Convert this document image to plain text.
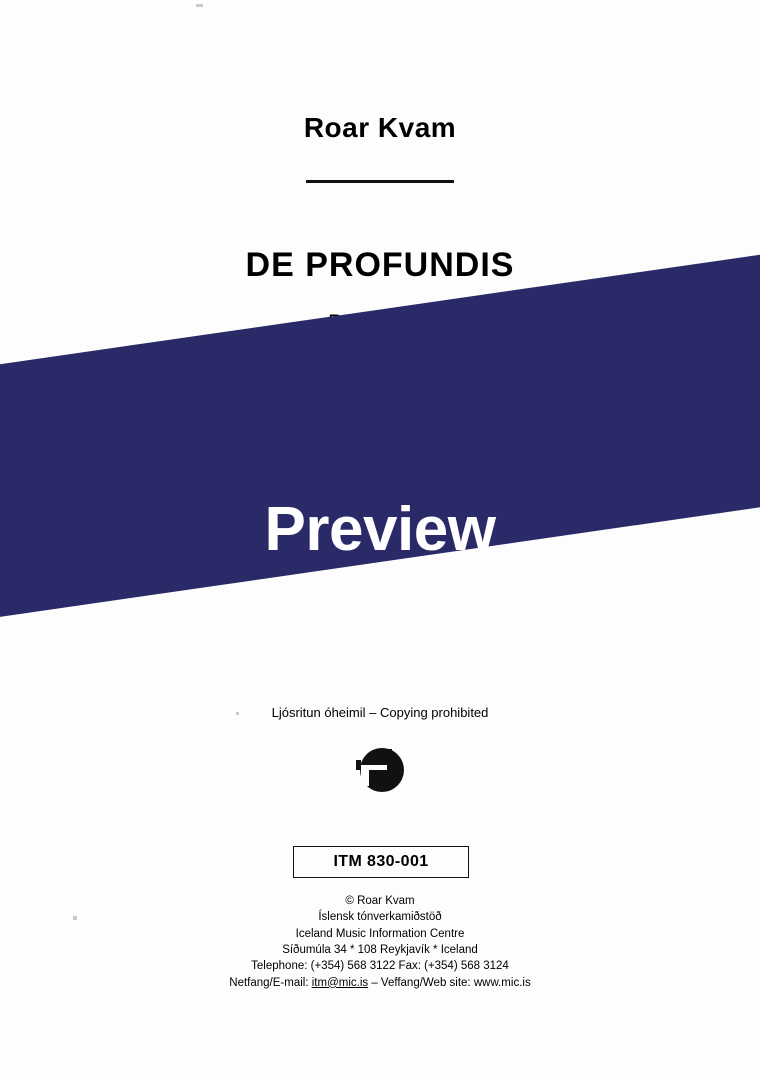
Roar Kvam
DE PROFUNDIS
Preview
Tónlistarmiðstöð
Iceland Music
Ljósritun óheimil – Copying prohibited
ITM 830-001
© Roar Kvam
Íslensk tónverkamiðstöð
Iceland Music Information Centre
Síðumúla 34 * 108 Reykjavík * Iceland
Telephone: (+354) 568 3122 Fax: (+354) 568 3124
Netfang/E-mail: itm@mic.is – Veffang/Web site: www.mic.is
